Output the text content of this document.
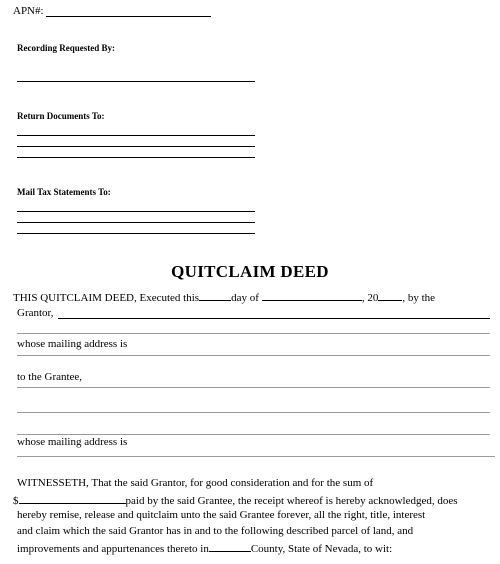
APN#:
Recording Requested By:
Return Documents To:
Mail Tax Statements To:
QUITCLAIM DEED
THIS QUITCLAIM DEED, Executed this	day of	, 20 , by the
Grantor,
whose mailing address is
to the Grantee,
whose mailing address is
WITNESSETH, That the said Grantor, for good consideration and for the sum of
$	paid by the said Grantee, the receipt whereof is hereby acknowledged, does
hereby remise, release and quitclaim unto the said Grantee forever, all the right, title, interest
and claim which the said Grantor has in and to the following described parcel of land, and
improvements and appurtenances thereto in	County, State of Nevada, to wit:
